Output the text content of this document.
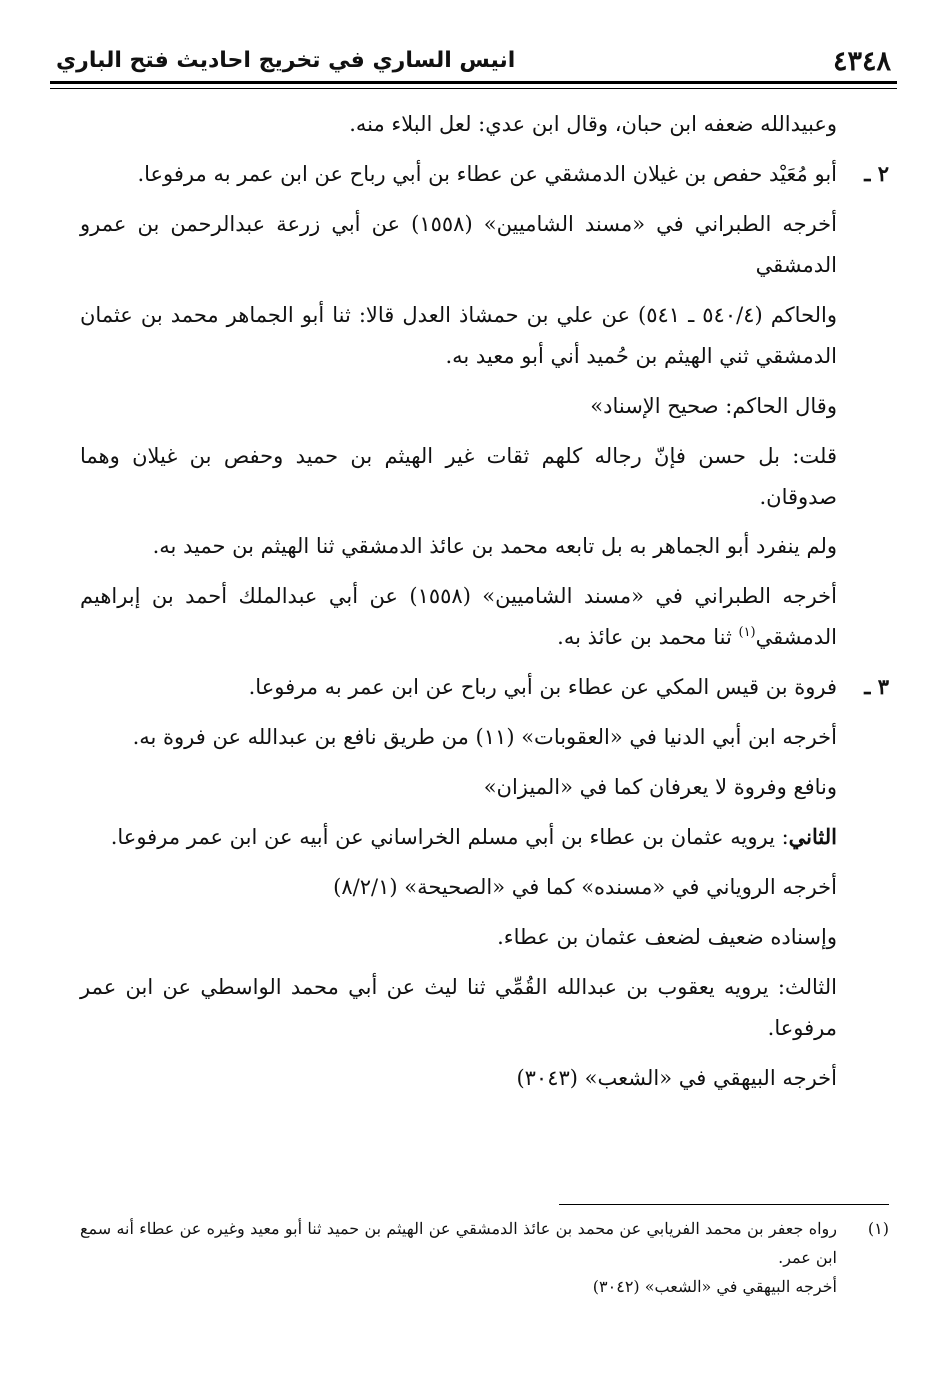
٤٣٤٨
انيس الساري في تخريج احاديث فتح الباري

وعبيدالله ضعفه ابن حبان، وقال ابن عدي: لعل البلاء منه.

٢ ـأبو مُعَيْد حفص بن غيلان الدمشقي عن عطاء بن أبي رباح عن ابن عمر به مرفوعا.

أخرجه الطبراني في «مسند الشاميين» (١٥٥٨) عن أبي زرعة عبدالرحمن بن عمرو الدمشقي

والحاكم (٥٤٠/٤ ـ ٥٤١) عن علي بن حمشاذ العدل قالا: ثنا أبو الجماهر محمد بن عثمان الدمشقي ثني الهيثم بن حُميد أني أبو معيد به.

وقال الحاكم: صحيح الإسناد»

قلت: بل حسن فإنّ رجاله كلهم ثقات غير الهيثم بن حميد وحفص بن غيلان وهما صدوقان.

ولم ينفرد أبو الجماهر به بل تابعه محمد بن عائذ الدمشقي ثنا الهيثم بن حميد به.

أخرجه الطبراني في «مسند الشاميين» (١٥٥٨) عن أبي عبدالملك أحمد بن إبراهيم الدمشقي$^{(١)}$ ثنا محمد بن عائذ به.

٣ ـفروة بن قيس المكي عن عطاء بن أبي رباح عن ابن عمر به مرفوعا.

أخرجه ابن أبي الدنيا في «العقوبات» (١١) من طريق نافع بن عبدالله عن فروة به.

ونافع وفروة لا يعرفان كما في «الميزان»

الثاني: يرويه عثمان بن عطاء بن أبي مسلم الخراساني عن أبيه عن ابن عمر مرفوعا.

أخرجه الروياني في «مسنده» كما في «الصحيحة» (٨/٢/١)

وإسناده ضعيف لضعف عثمان بن عطاء.

الثالث: يرويه يعقوب بن عبدالله القُمِّي ثنا ليث عن أبي محمد الواسطي عن ابن عمر مرفوعا.

أخرجه البيهقي في «الشعب» (٣٠٤٣)

(١)رواه جعفر بن محمد الفريابي عن محمد بن عائذ الدمشقي عن الهيثم بن حميد ثنا أبو معيد وغيره عن عطاء أنه سمع ابن عمر.

أخرجه البيهقي في «الشعب» (٣٠٤٢)
